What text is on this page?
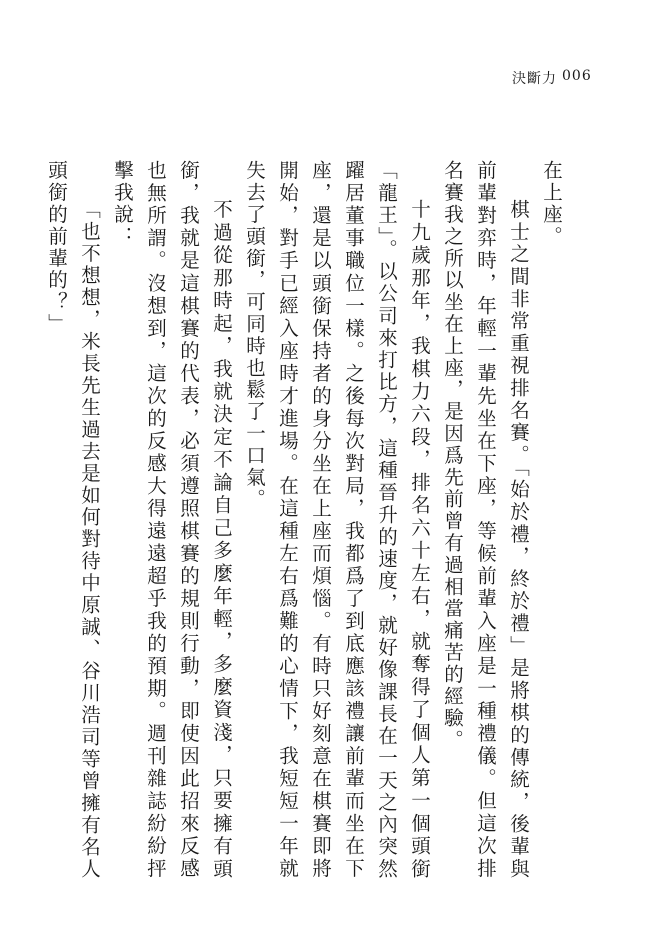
決斷力 006

在上座。

棋士之間非常重視排名賽。「始於禮，終於禮」是將棋的傳統，後輩與前輩對弈時，年輕一輩先坐在下座，等候前輩入座是一種禮儀。但這次排名賽我之所以坐在上座，是因爲先前曾有過相當痛苦的經驗。

十九歲那年，我棋力六段，排名六十左右，就奪得了個人第一個頭銜「龍王」。以公司來打比方，這種晉升的速度，就好像課長在一天之內突然躍居董事職位一樣。之後每次對局，我都爲了到底應該禮讓前輩而坐在下座，還是以頭銜保持者的身分坐在上座而煩惱。有時只好刻意在棋賽即將開始，對手已經入座時才進場。在這種左右爲難的心情下，我短短一年就失去了頭銜，可同時也鬆了一口氣。

不過從那時起，我就決定不論自己多麼年輕，多麼資淺，只要擁有頭銜，我就是這棋賽的代表，必須遵照棋賽的規則行動，即使因此招來反感也無所謂。沒想到，這次的反感大得遠遠超乎我的預期。週刊雜誌紛紛抨擊我說：

「也不想想，米長先生過去是如何對待中原誠、谷川浩司等曾擁有名人頭銜的前輩的？」
